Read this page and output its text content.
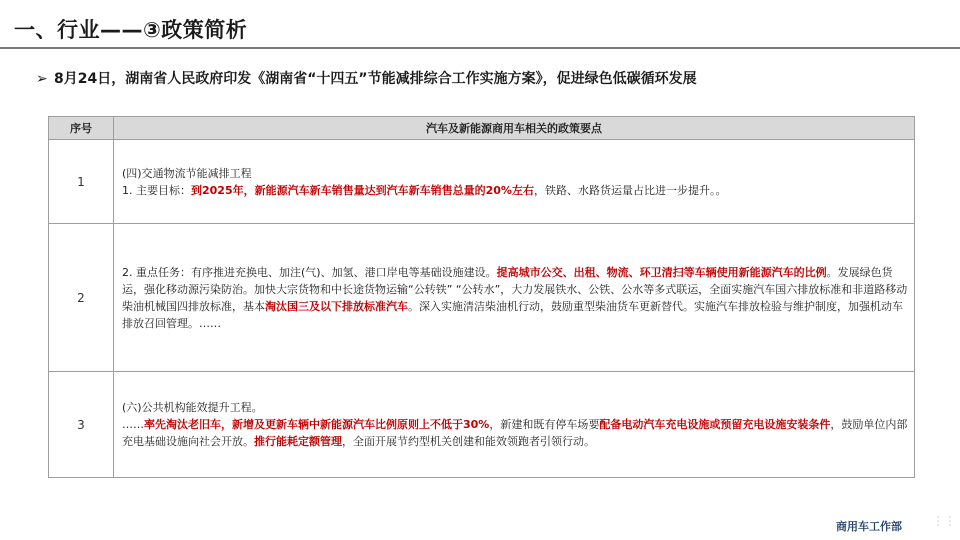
一、行业——③政策简析
➢ 8月24日，湖南省人民政府印发《湖南省“十四五”节能减排综合工作实施方案》，促进绿色低碳循环发展
序号	汽车及新能源商用车相关的政策要点
1	(四)交通物流节能减排工程
1. 主要目标：到2025年，新能源汽车新车销售量达到汽车新车销售总量的20%左右，铁路、水路货运量占比进一步提升。。

2	2. 重点任务：有序推进充换电、加注(气)、加氢、港口岸电等基础设施建设。提高城市公交、出租、物流、环卫清扫等车辆使用新能源汽车的比例。发展绿色货运，强化移动源污染防治。加快大宗货物和中长途货物运输“公转铁” “公转水”，大力发展铁水、公铁、公水等多式联运，全面实施汽车国六排放标准和非道路移动柴油机械国四排放标准，基本淘汰国三及以下排放标准汽车。深入实施清洁柴油机行动，鼓励重型柴油货车更新替代。实施汽车排放检验与维护制度，加强机动车排放召回管理。……

3	(六)公共机构能效提升工程。
……率先淘汰老旧车，新增及更新车辆中新能源汽车比例原则上不低于30%，新建和既有停车场要配备电动汽车充电设施或预留充电设施安装条件，鼓励单位内部充电基础设施向社会开放。推行能耗定额管理，全面开展节约型机关创建和能效领跑者引领行动。
商用车工作部	⋮⋮
